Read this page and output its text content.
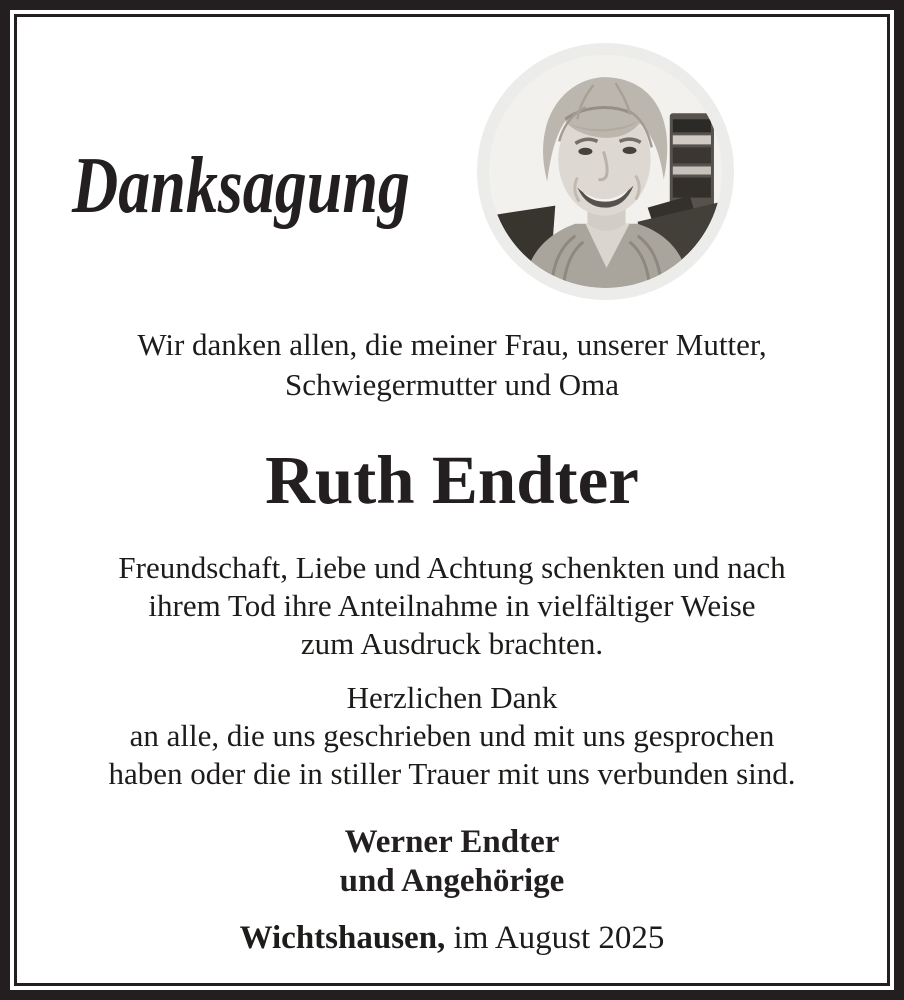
Danksagung
Wir danken allen, die meiner Frau, unserer Mutter,
Schwiegermutter und Oma
Ruth Endter
Freundschaft, Liebe und Achtung schenkten und nach
ihrem Tod ihre Anteilnahme in vielfältiger Weise
zum Ausdruck brachten.
Herzlichen Dank
an alle, die uns geschrieben und mit uns gesprochen
haben oder die in stiller Trauer mit uns verbunden sind.
Werner Endter
und Angehörige
Wichtshausen, im August 2025
